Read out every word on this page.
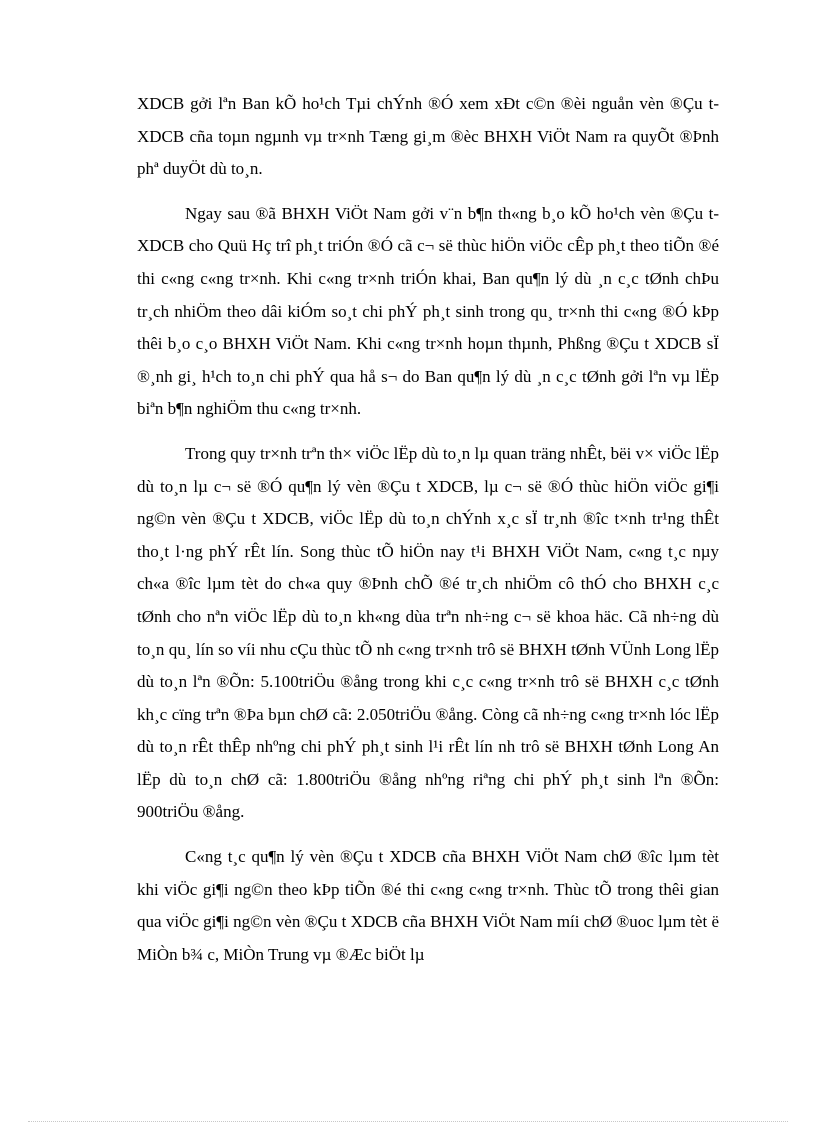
XDCB gởi lªn Ban kÕ ho¹ch Tµi chÝnh ®Ó xem xÐt c©n ®èi nguån vèn ®Çu t XDCB cña toµn ngµnh vµ tr×nh Tæng gi¸m ®èc BHXH ViÖt Nam ra quyÕt ®Þnh phª duyÖt dù to¸n.

Ngay sau ®ã BHXH ViÖt Nam gởi v¨n b¶n th«ng b¸o kÕ ho¹ch vèn ®Çu t XDCB cho Quü Hç trî ph¸t triÓn ®Ó cã c¬ së thùc hiÖn viÖc cÊp ph¸t theo tiÕn ®é thi c«ng c«ng tr×nh. Khi c«ng tr×nh triÓn khai, Ban qu¶n lý dù ¸n c¸c tØnh chÞu tr¸ch nhiÖm theo dâi kiÓm so¸t chi phÝ ph¸t sinh trong qu¸ tr×nh thi c«ng ®Ó kÞp thêi b¸o c¸o BHXH ViÖt Nam. Khi c«ng tr×nh hoµn thµnh, Phßng ®Çu t XDCB sÏ ®¸nh gi¸ h¹ch to¸n chi phÝ qua hå s¬ do Ban qu¶n lý dù ¸n c¸c tØnh gởi lªn vµ lËp biªn b¶n nghiÖm thu c«ng tr×nh.

Trong quy tr×nh trªn th× viÖc lËp dù to¸n lµ quan träng nhÊt, bëi v× viÖc lËp dù to¸n lµ c¬ së ®Ó qu¶n lý vèn ®Çu t XDCB, lµ c¬ së ®Ó thùc hiÖn viÖc gi¶i ng©n vèn ®Çu t XDCB, viÖc lËp dù to¸n chÝnh x¸c sÏ tr¸nh ®îc t×nh tr¹ng thÊt tho¸t l·ng phÝ rÊt lín. Song thùc tÕ hiÖn nay t¹i BHXH ViÖt Nam, c«ng t¸c nµy ch«a ®îc lµm tèt do ch«a quy ®Þnh chÕ ®é tr¸ch nhiÖm cô thÓ cho BHXH c¸c tØnh cho nªn viÖc lËp dù to¸n kh«ng dùa trªn nh÷ng c¬ së khoa häc. Cã nh÷ng dù to¸n qu¸ lín so víi nhu cÇu thùc tÕ nh c«ng tr×nh trô së BHXH tØnh VÜnh Long lËp dù to¸n lªn ®Õn: 5.100triÖu ®ång trong khi c¸c c«ng tr×nh trô së BHXH c¸c tØnh kh¸c cïng trªn ®Þa bµn chØ cã: 2.050triÖu ®ång. Còng cã nh÷ng c«ng tr×nh lóc lËp dù to¸n rÊt thÊp nhºng chi phÝ ph¸t sinh l¹i rÊt lín nh trô së BHXH tØnh Long An lËp dù to¸n chØ cã: 1.800triÖu ®ång nhºng riªng chi phÝ ph¸t sinh lªn ®Õn: 900triÖu ®ång.

C«ng t¸c qu¶n lý vèn ®Çu t XDCB cña BHXH ViÖt Nam chØ ®îc lµm tèt khi viÖc gi¶i ng©n theo kÞp tiÕn ®é thi c«ng c«ng tr×nh. Thùc tÕ trong thêi gian qua viÖc gi¶i ng©n vèn ®Çu t XDCB cña BHXH ViÖt Nam míi chØ ®uoc lµm tèt ë MiÒn b¾ c, MiÒn Trung vµ ®Æc biÖt lµ
